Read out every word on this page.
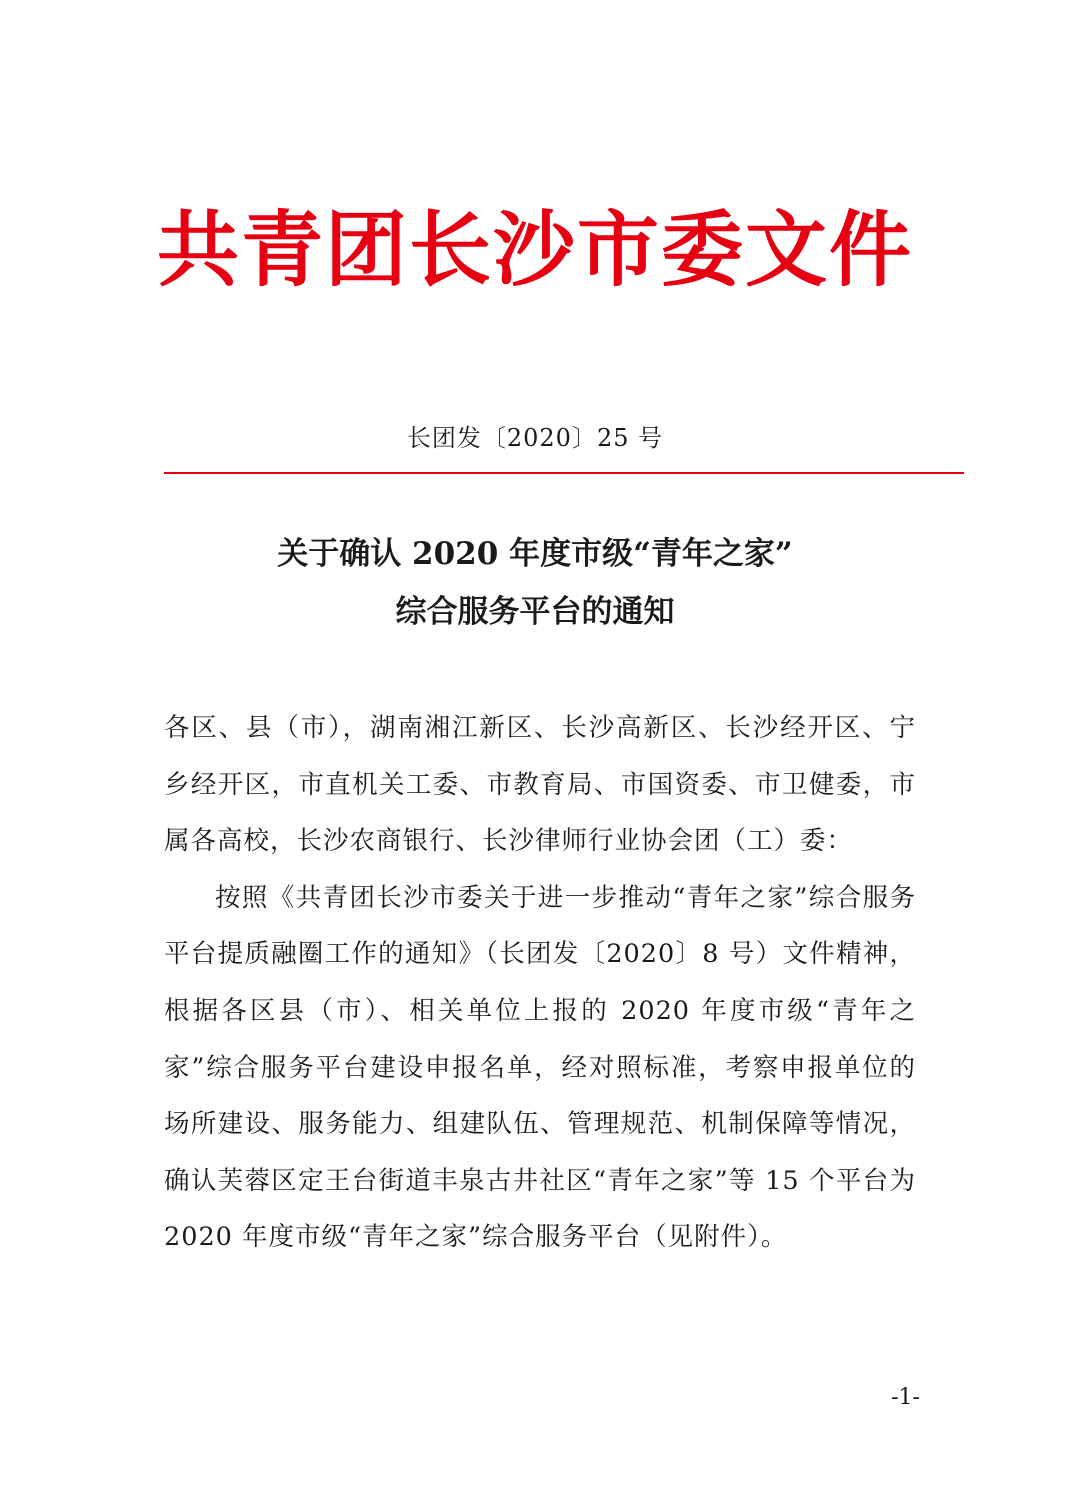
共青团长沙市委文件
长团发〔2020〕25 号
关于确认 2020 年度市级“青年之家”
综合服务平台的通知

各区、县（市），湖南湘江新区、长沙高新区、长沙经开区、宁乡经开区，市直机关工委、市教育局、市国资委、市卫健委，市属各高校，长沙农商银行、长沙律师行业协会团（工）委：

按照《共青团长沙市委关于进一步推动“青年之家”综合服务平台提质融圈工作的通知》（长团发〔2020〕8 号）文件精神，根据各区县（市）、相关单位上报的 2020 年度市级“青年之家”综合服务平台建设申报名单，经对照标准，考察申报单位的场所建设、服务能力、组建队伍、管理规范、机制保障等情况，确认芙蓉区定王台街道丰泉古井社区“青年之家”等 15 个平台为 2020 年度市级“青年之家”综合服务平台（见附件）。

-1-
